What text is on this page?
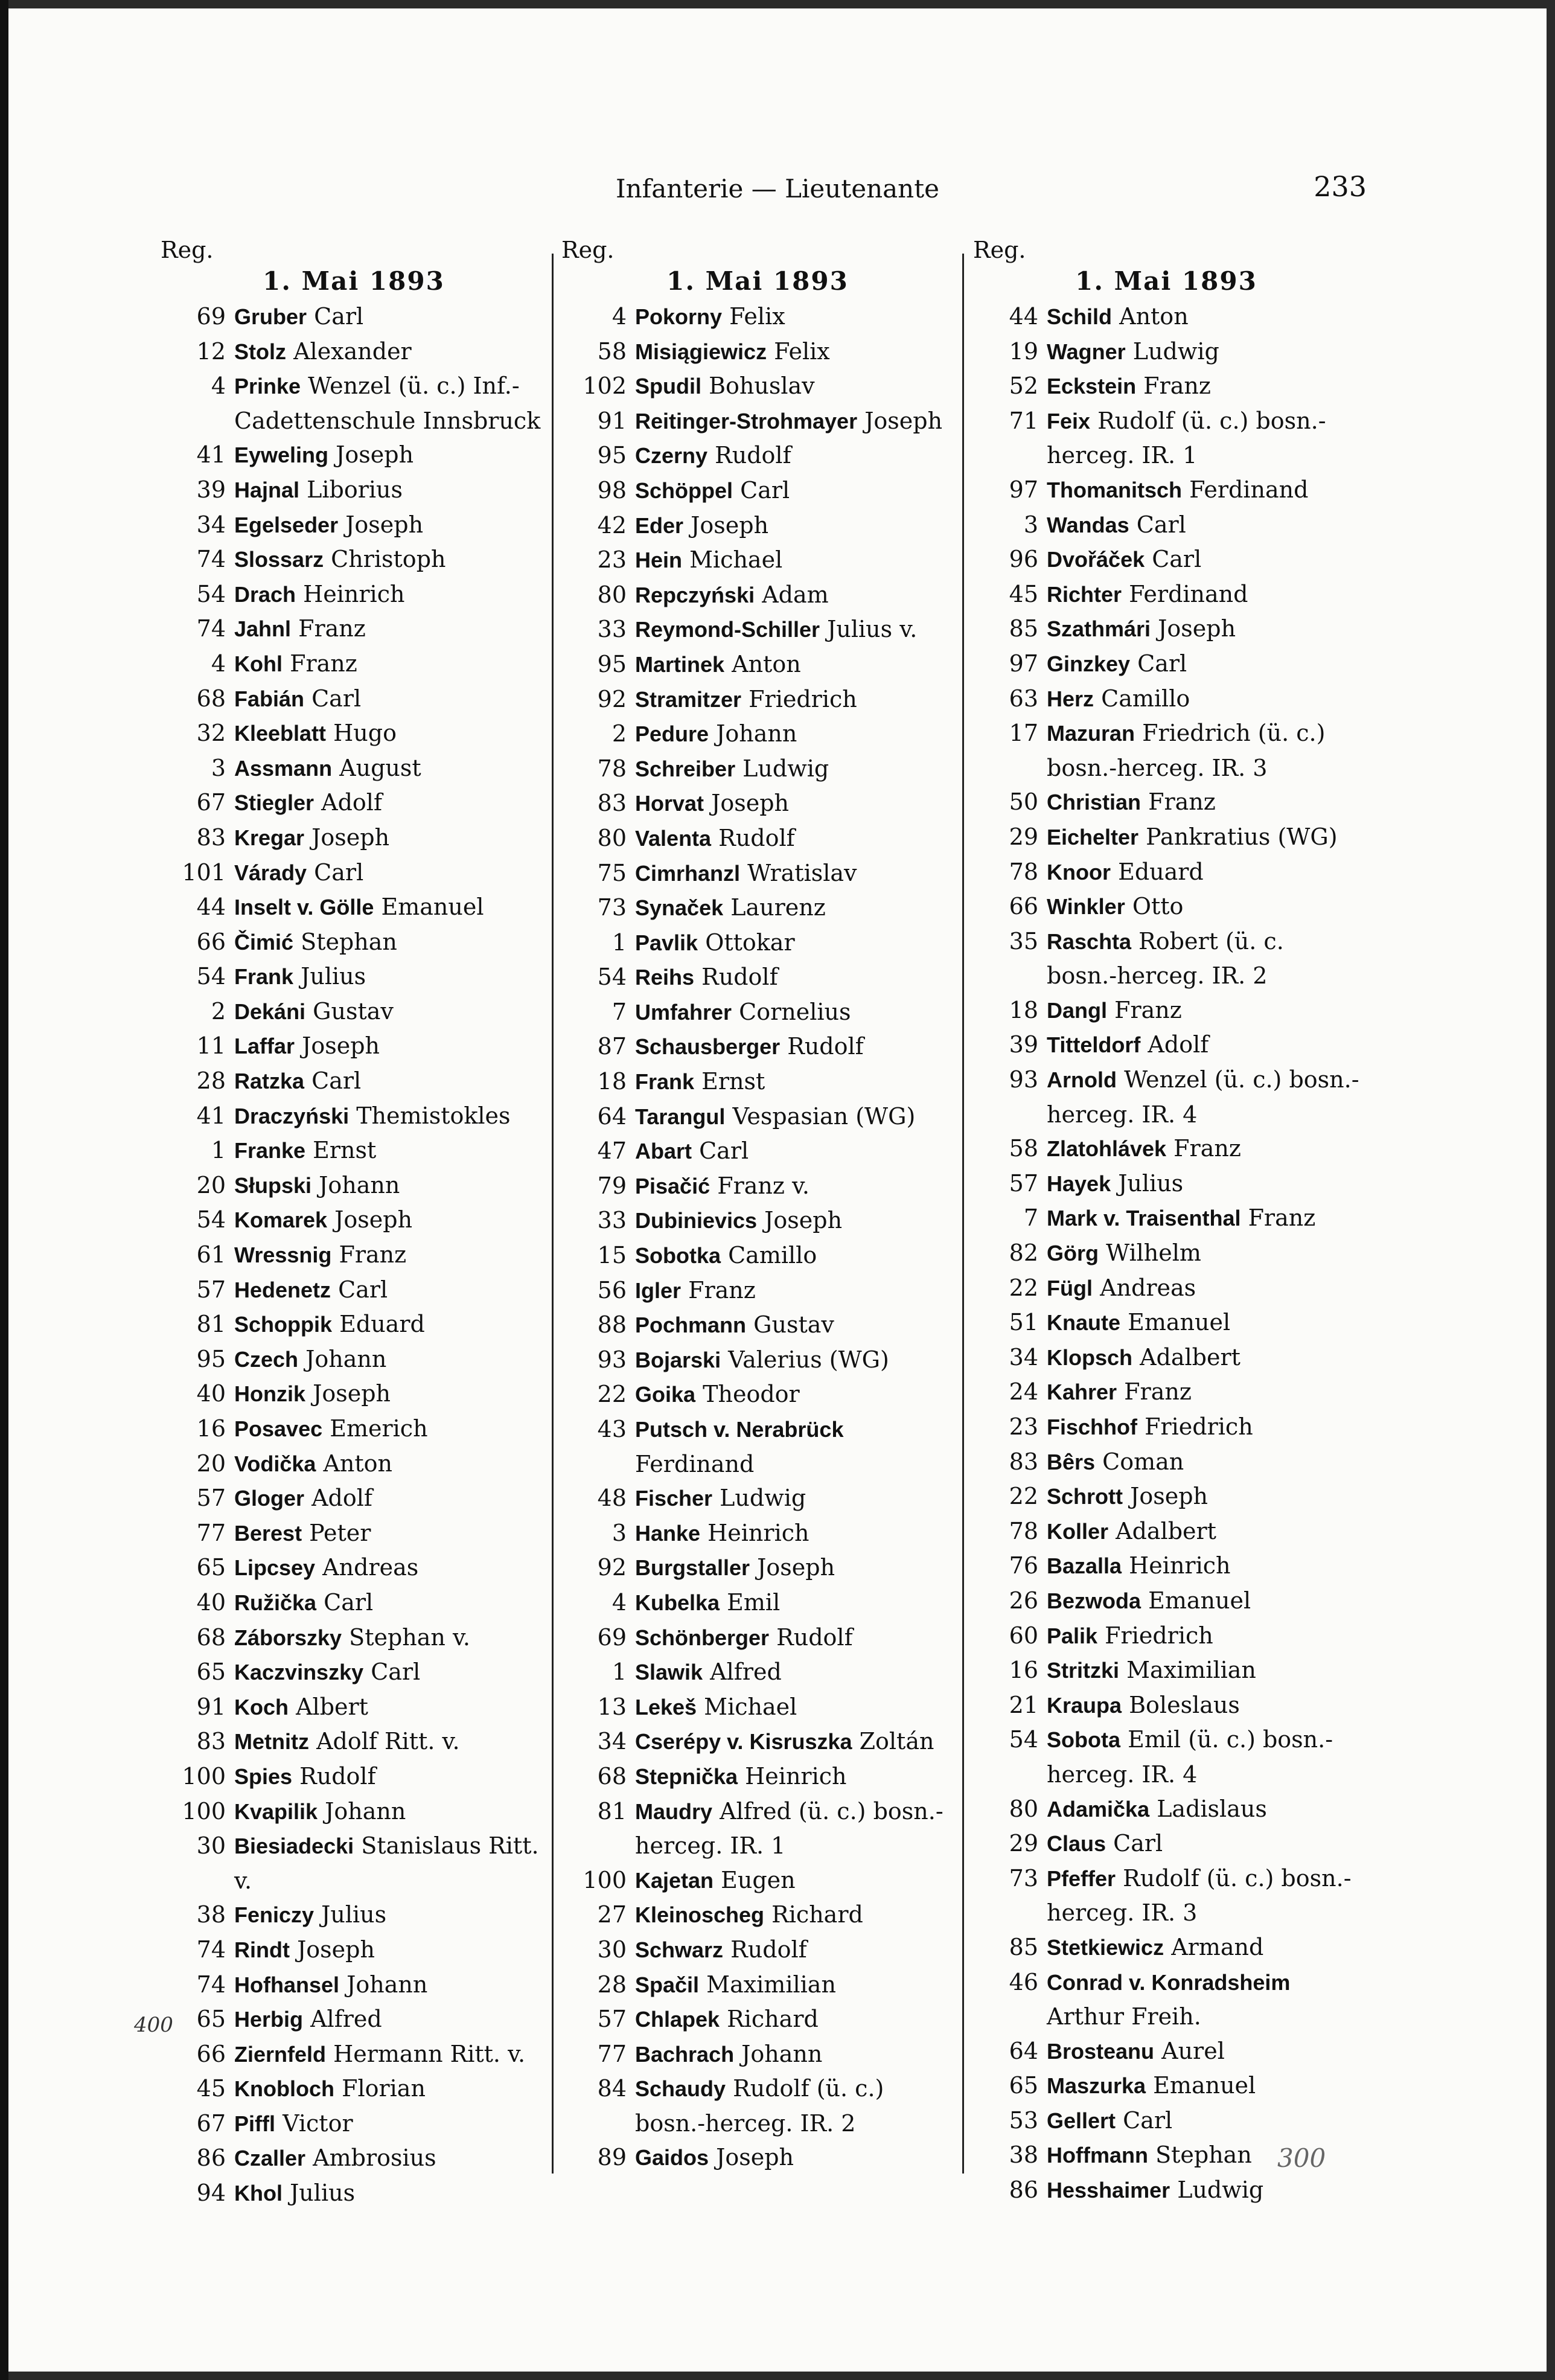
Infanterie — Lieutenante	233
Reg.
1. Mai 1893
69 Gruber Carl
12 Stolz Alexander
4 Prinke Wenzel (ü. c.) Inf.-Cadettenschule Innsbruck
41 Eyweling Joseph
39 Hajnal Liborius
34 Egelseder Joseph
74 Slossarz Christoph
54 Drach Heinrich
74 Jahnl Franz
4 Kohl Franz
68 Fabián Carl
32 Kleeblatt Hugo
3 Assmann August
67 Stiegler Adolf
83 Kregar Joseph
101 Várady Carl
44 Inselt v. Gölle Emanuel
66 Čimić Stephan
54 Frank Julius
2 Dekáni Gustav
11 Laffar Joseph
28 Ratzka Carl
41 Draczyński Themistokles
1 Franke Ernst
20 Słupski Johann
54 Komarek Joseph
61 Wressnig Franz
57 Hedenetz Carl
81 Schoppik Eduard
95 Czech Johann
40 Honzik Joseph
16 Posavec Emerich
20 Vodička Anton
57 Gloger Adolf
77 Berest Peter
65 Lipcsey Andreas
40 Ružička Carl
68 Záborszky Stephan v.
65 Kaczvinszky Carl
91 Koch Albert
83 Metnitz Adolf Ritt. v.
100 Spies Rudolf
100 Kvapilik Johann
30 Biesiadecki Stanislaus Ritt. v.
38 Feniczy Julius
74 Rindt Joseph
74 Hofhansel Johann
65 Herbig Alfred
66 Ziernfeld Hermann Ritt. v.
45 Knobloch Florian
67 Piffl Victor
86 Czaller Ambrosius
94 Khol Julius
Reg.
1. Mai 1893
4 Pokorny Felix
58 Misiągiewicz Felix
102 Spudil Bohuslav
91 Reitinger-Strohmayer Joseph
95 Czerny Rudolf
98 Schöppel Carl
42 Eder Joseph
23 Hein Michael
80 Repczyński Adam
33 Reymond-Schiller Julius v.
95 Martinek Anton
92 Stramitzer Friedrich
2 Pedure Johann
78 Schreiber Ludwig
83 Horvat Joseph
80 Valenta Rudolf
75 Cimrhanzl Wratislav
73 Synaček Laurenz
1 Pavlik Ottokar
54 Reihs Rudolf
7 Umfahrer Cornelius
87 Schausberger Rudolf
18 Frank Ernst
64 Tarangul Vespasian (WG)
47 Abart Carl
79 Pisačić Franz v.
33 Dubinievics Joseph
15 Sobotka Camillo
56 Igler Franz
88 Pochmann Gustav
93 Bojarski Valerius (WG)
22 Goika Theodor
43 Putsch v. Nerabrück Ferdinand
48 Fischer Ludwig
3 Hanke Heinrich
92 Burgstaller Joseph
4 Kubelka Emil
69 Schönberger Rudolf
1 Slawik Alfred
13 Lekeš Michael
34 Cserépy v. Kisruszka Zoltán
68 Stepnička Heinrich
81 Maudry Alfred (ü. c.) bosn.-herceg. IR. 1
100 Kajetan Eugen
27 Kleinoscheg Richard
30 Schwarz Rudolf
28 Spačil Maximilian
57 Chlapek Richard
77 Bachrach Johann
84 Schaudy Rudolf (ü. c.) bosn.-herceg. IR. 2
89 Gaidos Joseph
Reg.
1. Mai 1893
44 Schild Anton
19 Wagner Ludwig
52 Eckstein Franz
71 Feix Rudolf (ü. c.) bosn.-herceg. IR. 1
97 Thomanitsch Ferdinand
3 Wandas Carl
96 Dvořáček Carl
45 Richter Ferdinand
85 Szathmári Joseph
97 Ginzkey Carl
63 Herz Camillo
17 Mazuran Friedrich (ü. c.) bosn.-herceg. IR. 3
50 Christian Franz
29 Eichelter Pankratius (WG)
78 Knoor Eduard
66 Winkler Otto
35 Raschta Robert (ü. c. bosn.-herceg. IR. 2
18 Dangl Franz
39 Titteldorf Adolf
93 Arnold Wenzel (ü. c.) bosn.-herceg. IR. 4
58 Zlatohlávek Franz
57 Hayek Julius
7 Mark v. Traisenthal Franz
82 Görg Wilhelm
22 Fügl Andreas
51 Knaute Emanuel
34 Klopsch Adalbert
24 Kahrer Franz
23 Fischhof Friedrich
83 Bêrs Coman
22 Schrott Joseph
78 Koller Adalbert
76 Bazalla Heinrich
26 Bezwoda Emanuel
60 Palik Friedrich
16 Stritzki Maximilian
21 Kraupa Boleslaus
54 Sobota Emil (ü. c.) bosn.-herceg. IR. 4
80 Adamička Ladislaus
29 Claus Carl
73 Pfeffer Rudolf (ü. c.) bosn.-herceg. IR. 3
85 Stetkiewicz Armand
46 Conrad v. Konradsheim Arthur Freih.
64 Brosteanu Aurel
65 Maszurka Emanuel
53 Gellert Carl
38 Hoffmann Stephan
86 Hesshaimer Ludwig
400
300
